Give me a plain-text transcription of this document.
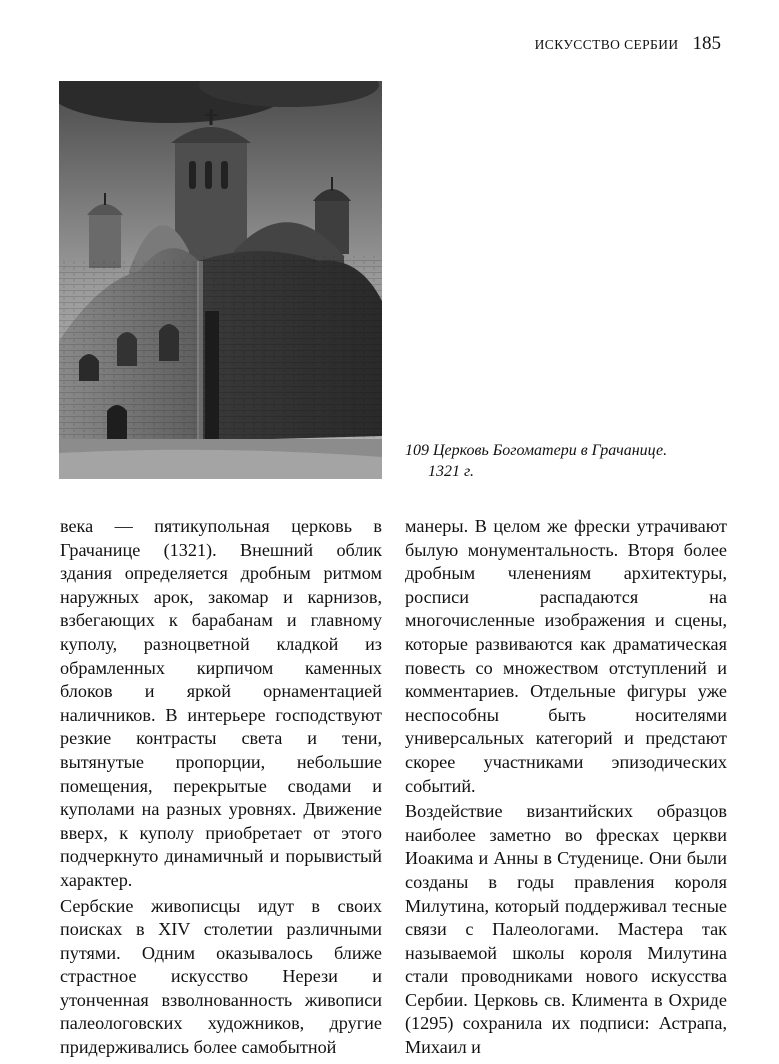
ИСКУССТВО СЕРБИИ 185
109 Церковь Богоматери в Грачанице.
1321 г.

века — пятикупольная церковь в Грачанице (1321). Внешний облик здания определяется дробным ритмом наружных арок, закомар и карнизов, взбегающих к барабанам и главному куполу, разноцветной кладкой из обрамленных кирпичом каменных блоков и яркой орнаментацией наличников. В интерьере господствуют резкие контрасты света и тени, вытянутые пропорции, небольшие помещения, перекрытые сводами и куполами на разных уровнях. Движение вверх, к куполу приобретает от этого подчеркнуто динамичный и порывистый характер.

Сербские живописцы идут в своих поисках в XIV столетии различными путями. Одним оказывалось ближе страстное искусство Нерези и утонченная взволнованность живописи палеологовских художников, другие придерживались более самобытной

манеры. В целом же фрески утрачивают былую монументальность. Вторя более дробным членениям архитектуры, росписи распадаются на многочисленные изображения и сцены, которые развиваются как драматическая повесть со множеством отступлений и комментариев. Отдельные фигуры уже неспособны быть носителями универсальных категорий и предстают скорее участниками эпизодических событий.

Воздействие византийских образцов наиболее заметно во фресках церкви Иоакима и Анны в Студенице. Они были созданы в годы правления короля Милутина, который поддерживал тесные связи с Палеологами. Мастера так называемой школы короля Милутина стали проводниками нового искусства Сербии. Церковь св. Климента в Охриде (1295) сохранила их подписи: Астрапа, Михаил и
